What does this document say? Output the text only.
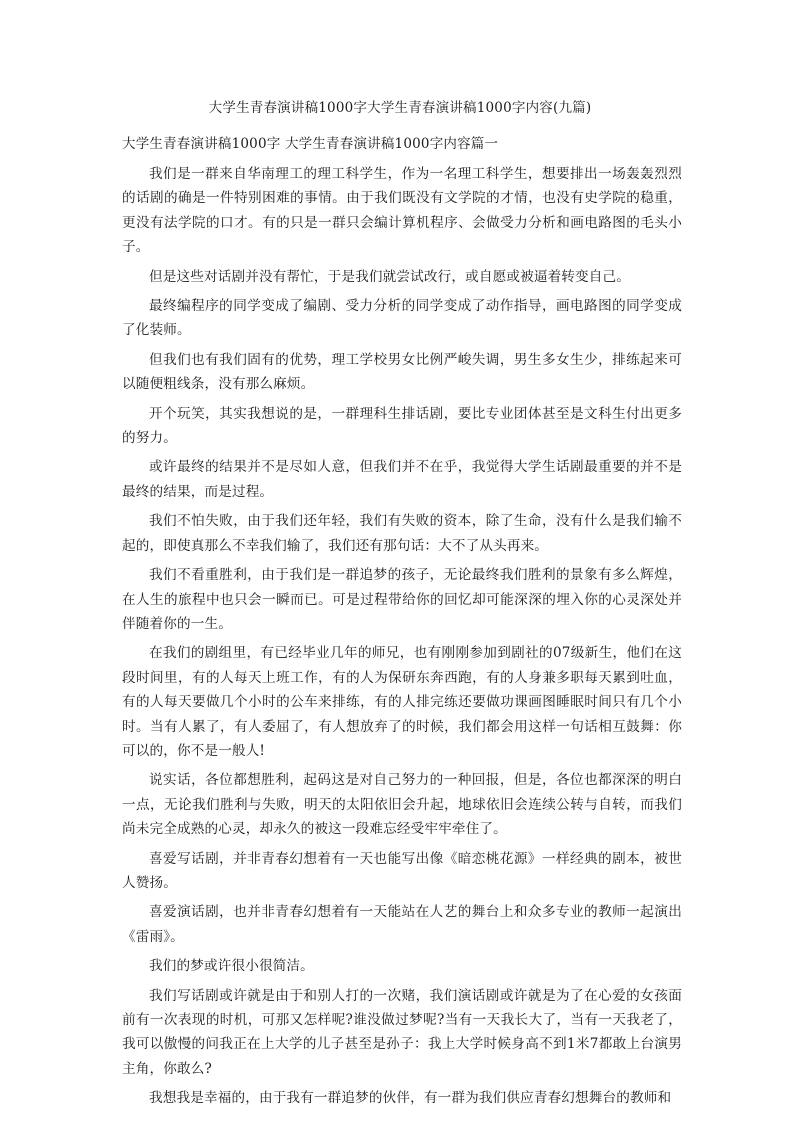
大学生青春演讲稿1000字大学生青春演讲稿1000字内容(九篇)
大学生青春演讲稿1000字 大学生青春演讲稿1000字内容篇一

我们是一群来自华南理工的理工科学生，作为一名理工科学生，想要排出一场轰轰烈烈的话剧的确是一件特别困难的事情。由于我们既没有文学院的才情，也没有史学院的稳重，更没有法学院的口才。有的只是一群只会编计算机程序、会做受力分析和画电路图的毛头小子。

但是这些对话剧并没有帮忙，于是我们就尝试改行，或自愿或被逼着转变自己。

最终编程序的同学变成了编剧、受力分析的同学变成了动作指导，画电路图的同学变成了化装师。

但我们也有我们固有的优势，理工学校男女比例严峻失调，男生多女生少，排练起来可以随便粗线条，没有那么麻烦。

开个玩笑，其实我想说的是，一群理科生排话剧，要比专业团体甚至是文科生付出更多的努力。

或许最终的结果并不是尽如人意，但我们并不在乎，我觉得大学生话剧最重要的并不是最终的结果，而是过程。

我们不怕失败，由于我们还年轻，我们有失败的资本，除了生命，没有什么是我们输不起的，即使真那么不幸我们输了，我们还有那句话：大不了从头再来。

我们不看重胜利，由于我们是一群追梦的孩子，无论最终我们胜利的景象有多么辉煌，在人生的旅程中也只会一瞬而已。可是过程带给你的回忆却可能深深的埋入你的心灵深处并伴随着你的一生。

在我们的剧组里，有已经毕业几年的师兄，也有刚刚参加到剧社的07级新生，他们在这段时间里，有的人每天上班工作，有的人为保研东奔西跑，有的人身兼多职每天累到吐血，有的人每天要做几个小时的公车来排练，有的人排完练还要做功课画图睡眠时间只有几个小时。当有人累了，有人委屈了，有人想放弃了的时候，我们都会用这样一句话相互鼓舞：你可以的，你不是一般人!

说实话，各位都想胜利，起码这是对自己努力的一种回报，但是，各位也都深深的明白一点，无论我们胜利与失败，明天的太阳依旧会升起，地球依旧会连续公转与自转，而我们尚未完全成熟的心灵，却永久的被这一段难忘经受牢牢牵住了。

喜爱写话剧，并非青春幻想着有一天也能写出像《暗恋桃花源》一样经典的剧本，被世人赞扬。

喜爱演话剧，也并非青春幻想着有一天能站在人艺的舞台上和众多专业的教师一起演出《雷雨》。

我们的梦或许很小很简洁。

我们写话剧或许就是由于和别人打的一次赌，我们演话剧或许就是为了在心爱的女孩面前有一次表现的时机，可那又怎样呢?谁没做过梦呢?当有一天我长大了，当有一天我老了，我可以傲慢的问我正在上大学的儿子甚至是孙子：我上大学时候身高不到1米7都敢上台演男主角，你敢么?

我想我是幸福的，由于我有一群追梦的伙伴，有一群为我们供应青春幻想舞台的教师和
